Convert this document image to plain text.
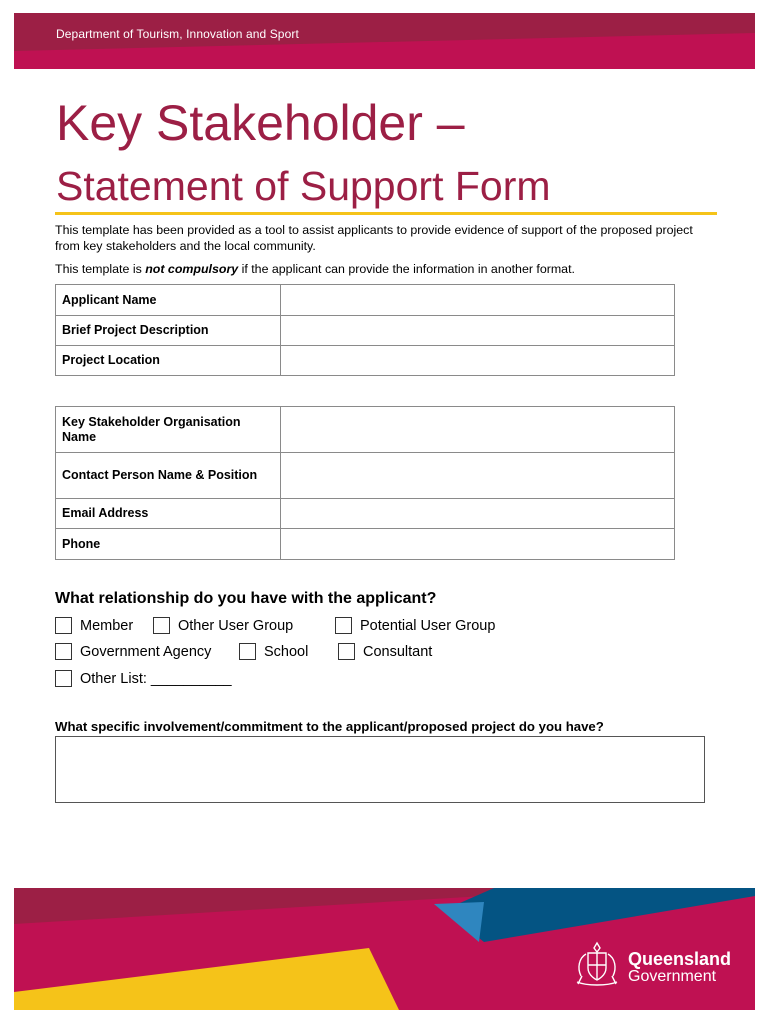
Department of Tourism, Innovation and Sport
Key Stakeholder –
Statement of Support Form
This template has been provided as a tool to assist applicants to provide evidence of support of the proposed project from key stakeholders and the local community.
This template is not compulsory if the applicant can provide the information in another format.
Applicant Name	
Brief Project Description	
Project Location	
Key Stakeholder Organisation Name	
Contact Person Name & Position	
Email Address	
Phone	
What relationship do you have with the applicant?
Member	Other User Group	Potential User Group
Government Agency	School	Consultant
Other List: __________
What specific involvement/commitment to the applicant/proposed project do you have?
Queensland
Government
